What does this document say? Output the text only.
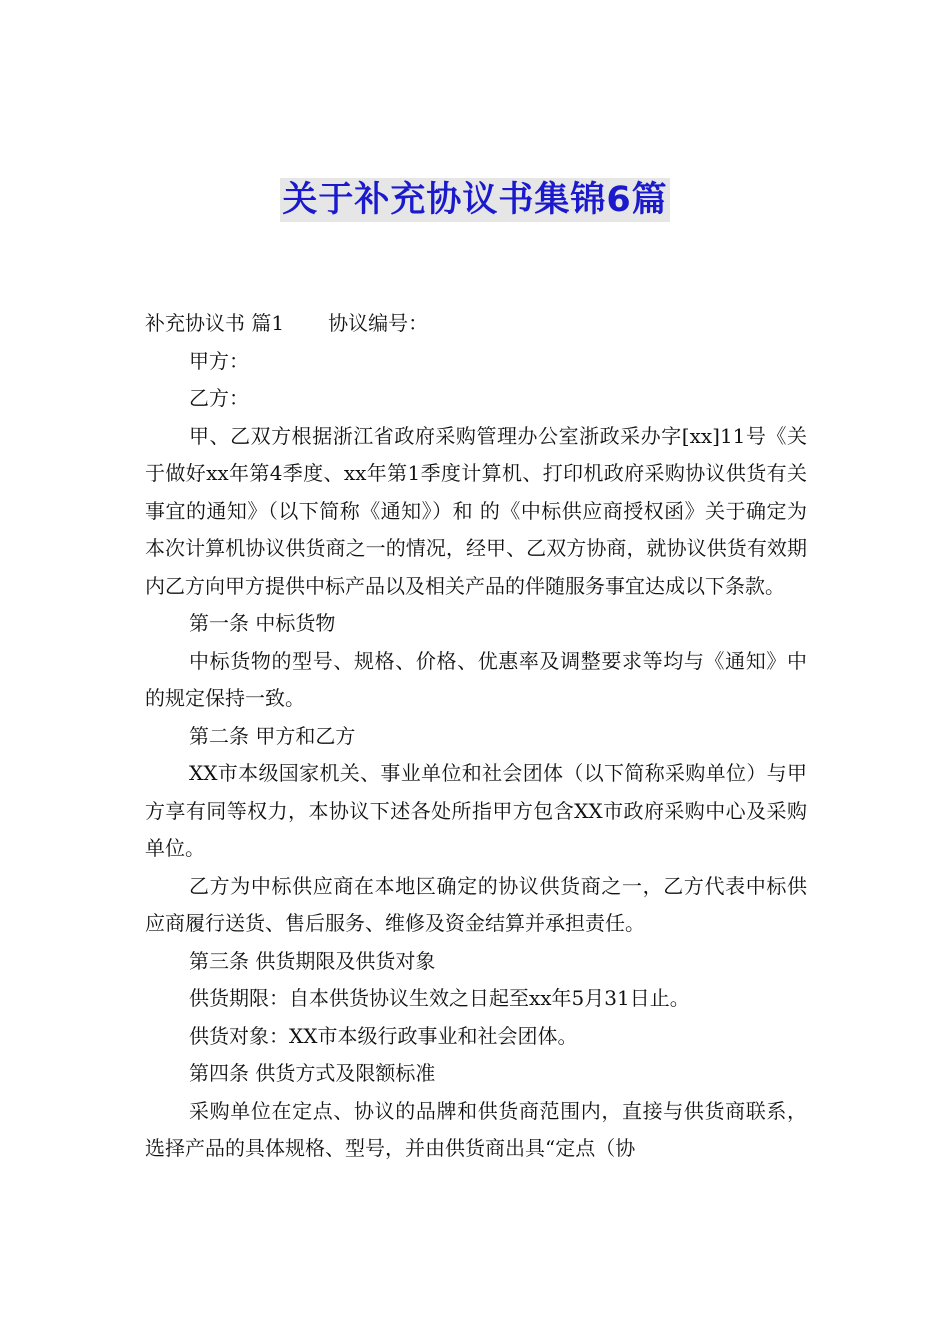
关于补充协议书集锦6篇

补充协议书 篇1 协议编号：

甲方：

乙方：

甲、乙双方根据浙江省政府采购管理办公室浙政采办字[xx]11号《关于做好xx年第4季度、xx年第1季度计算机、打印机政府采购协议供货有关事宜的通知》（以下简称《通知》）和 的《中标供应商授权函》关于确定为本次计算机协议供货商之一的情况，经甲、乙双方协商，就协议供货有效期内乙方向甲方提供中标产品以及相关产品的伴随服务事宜达成以下条款。

第一条 中标货物

中标货物的型号、规格、价格、优惠率及调整要求等均与《通知》中的规定保持一致。

第二条 甲方和乙方

XX市本级国家机关、事业单位和社会团体（以下简称采购单位）与甲方享有同等权力，本协议下述各处所指甲方包含XX市政府采购中心及采购单位。

乙方为中标供应商在本地区确定的协议供货商之一，乙方代表中标供应商履行送货、售后服务、维修及资金结算并承担责任。

第三条 供货期限及供货对象

供货期限：自本供货协议生效之日起至xx年5月31日止。

供货对象：XX市本级行政事业和社会团体。

第四条 供货方式及限额标准

采购单位在定点、协议的品牌和供货商范围内，直接与供货商联系，选择产品的具体规格、型号，并由供货商出具“定点（协
